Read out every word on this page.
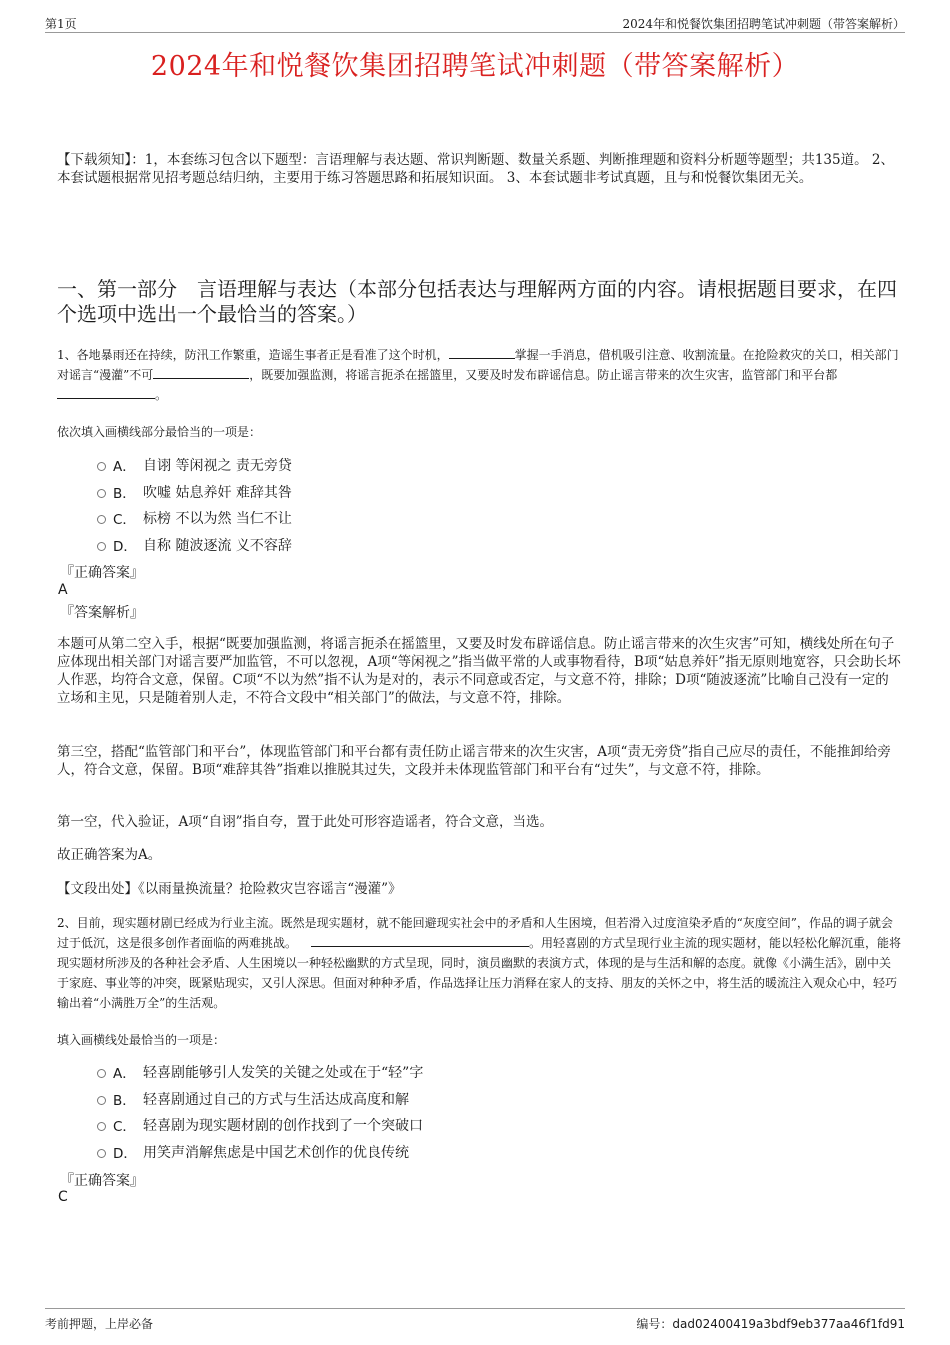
第1页	2024年和悦餐饮集团招聘笔试冲刺题（带答案解析）
2024年和悦餐饮集团招聘笔试冲刺题（带答案解析）
【下载须知】：1，本套练习包含以下题型：言语理解与表达题、常识判断题、数量关系题、判断推理题和资料分析题等题型；共135道。 2、本套试题根据常见招考题总结归纳，主要用于练习答题思路和拓展知识面。 3、本套试题非考试真题，且与和悦餐饮集团无关。
一、第一部分　言语理解与表达（本部分包括表达与理解两方面的内容。请根据题目要求，在四个选项中选出一个最恰当的答案。）
1、各地暴雨还在持续，防汛工作繁重，造谣生事者正是看准了这个时机，	掌握一手消息，借机吸引注意、收割流量。在抢险救灾的关口，相关部门对谣言“漫灌”不可	，既要加强监测，将谣言扼杀在摇篮里，又要及时发布辟谣信息。防止谣言带来的次生灾害，监管部门和平台都。
依次填入画横线部分最恰当的一项是：
A． 自诩 等闲视之 责无旁贷
B． 吹嘘 姑息养奸 难辞其咎
C． 标榜 不以为然 当仁不让
D． 自称 随波逐流 义不容辞
『正确答案』
A
『答案解析』
本题可从第二空入手，根据“既要加强监测，将谣言扼杀在摇篮里，又要及时发布辟谣信息。防止谣言带来的次生灾害”可知，横线处所在句子应体现出相关部门对谣言要严加监管，不可以忽视，A项“等闲视之”指当做平常的人或事物看待，B项“姑息养奸”指无原则地宽容，只会助长坏人作恶，均符合文意，保留。C项“不以为然”指不认为是对的，表示不同意或否定，与文意不符，排除；D项“随波逐流”比喻自己没有一定的立场和主见，只是随着别人走，不符合文段中“相关部门”的做法，与文意不符，排除。
第三空，搭配“监管部门和平台”，体现监管部门和平台都有责任防止谣言带来的次生灾害，A项“责无旁贷”指自己应尽的责任，不能推卸给旁人，符合文意，保留。B项“难辞其咎”指难以推脱其过失，文段并未体现监管部门和平台有“过失”，与文意不符，排除。
第一空，代入验证，A项“自诩”指自夸，置于此处可形容造谣者，符合文意，当选。
故正确答案为A。
【文段出处】《以雨量换流量？抢险救灾岂容谣言“漫灌”》
2、目前，现实题材剧已经成为行业主流。既然是现实题材，就不能回避现实社会中的矛盾和人生困境，但若滑入过度渲染矛盾的“灰度空间”，作品的调子就会过于低沉，这是很多创作者面临的两难挑战。	。用轻喜剧的方式呈现行业主流的现实题材，能以轻松化解沉重，能将现实题材所涉及的各种社会矛盾、人生困境以一种轻松幽默的方式呈现，同时，演员幽默的表演方式，体现的是与生活和解的态度。就像《小满生活》，剧中关于家庭、事业等的冲突，既紧贴现实，又引人深思。但面对种种矛盾，作品选择让压力消释在家人的支持、朋友的关怀之中，将生活的暖流注入观众心中，轻巧输出着“小满胜万全”的生活观。
填入画横线处最恰当的一项是：
A． 轻喜剧能够引人发笑的关键之处或在于“轻”字
B． 轻喜剧通过自己的方式与生活达成高度和解
C． 轻喜剧为现实题材剧的创作找到了一个突破口
D． 用笑声消解焦虑是中国艺术创作的优良传统
『正确答案』
C
考前押题，上岸必备	编号：dad02400419a3bdf9eb377aa46f1fd91
